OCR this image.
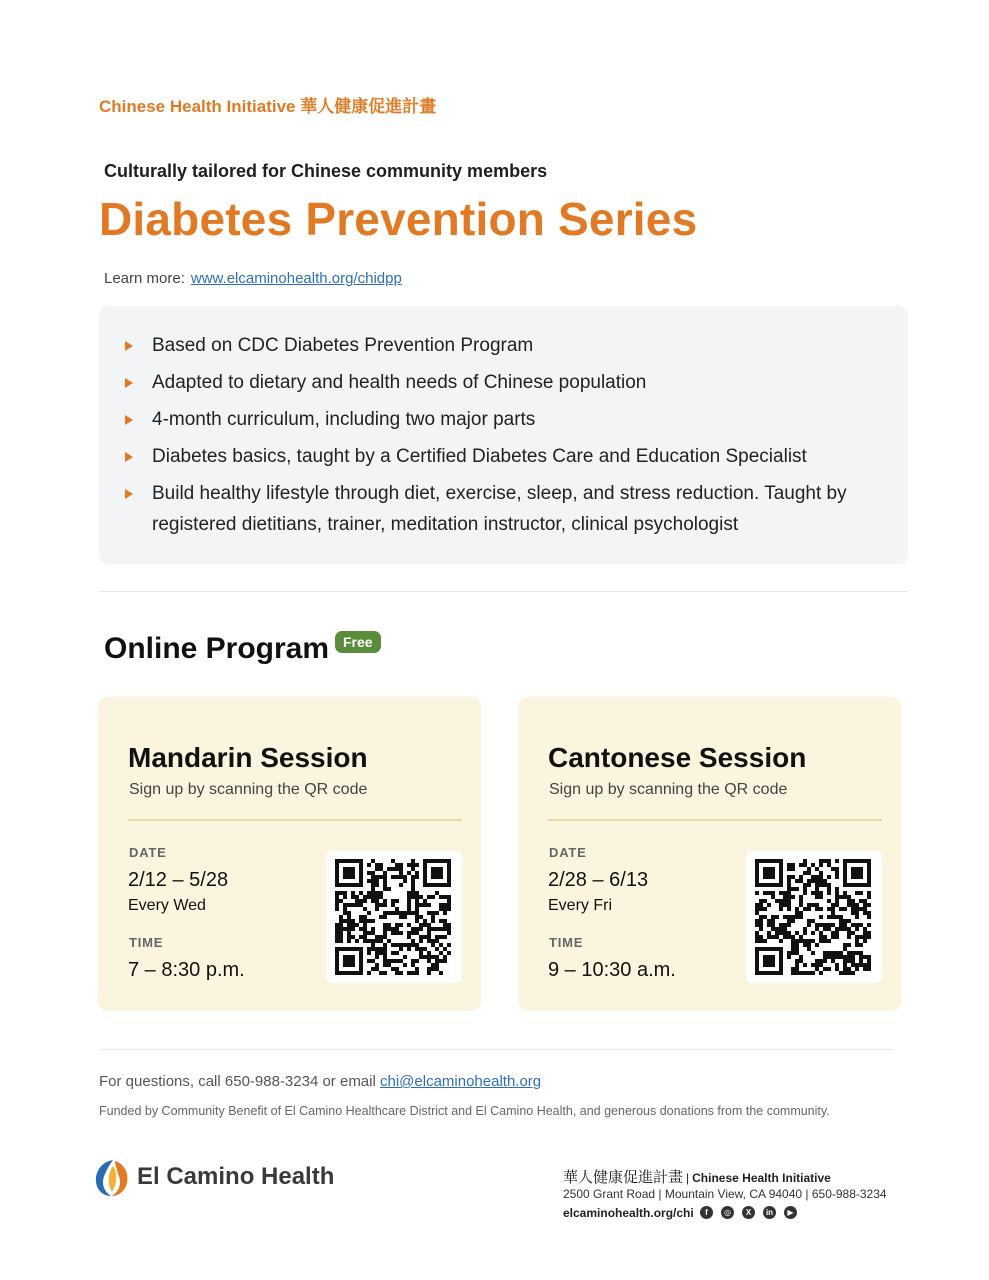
Chinese Health Initiative 華人健康促進計畫
Culturally tailored for Chinese community members
Diabetes Prevention Series
Learn more: www.elcaminohealth.org/chidpp
Based on CDC Diabetes Prevention Program
Adapted to dietary and health needs of Chinese population
4-month curriculum, including two major parts
Diabetes basics, taught by a Certified Diabetes Care and Education Specialist
Build healthy lifestyle through diet, exercise, sleep, and stress reduction. Taught by registered dietitians, trainer, meditation instructor, clinical psychologist
Online Program Free
Mandarin Session
Sign up by scanning the QR code
DATE
2/12 – 5/28
Every Wed
TIME
7 – 8:30 p.m.
Cantonese Session
Sign up by scanning the QR code
DATE
2/28 – 6/13
Every Fri
TIME
9 – 10:30 a.m.
For questions, call 650-988-3234 or email chi@elcaminohealth.org
Funded by Community Benefit of El Camino Healthcare District and El Camino Health, and generous donations from the community.
El Camino Health	華人健康促進計畫 | Chinese Health Initiative
2500 Grant Road | Mountain View, CA 94040 | 650-988-3234
elcaminohealth.org/chi	f	◎	X	in	▶
